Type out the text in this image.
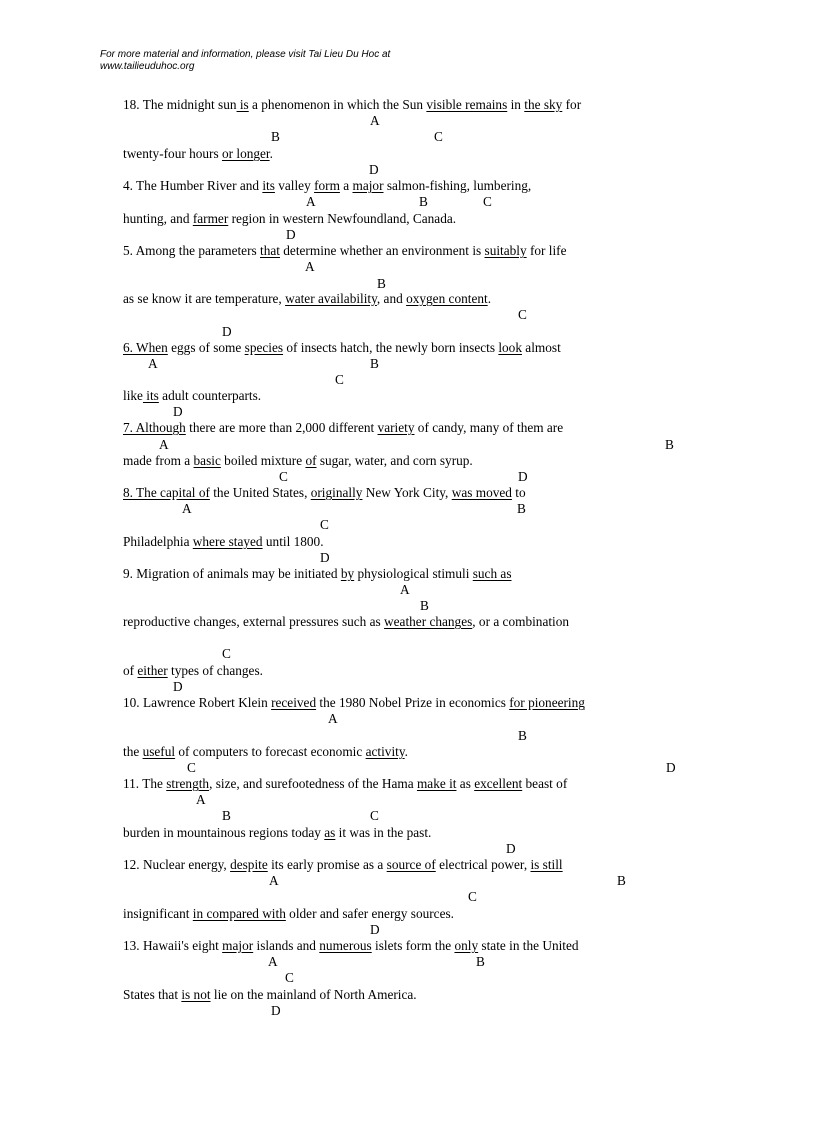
For more material and information, please visit Tai Lieu Du Hoc at
www.tailieuduhoc.org
18. The midnight sun is a phenomenon in which the Sun visible remains in the sky for
twenty-four hours or longer.
A
B	C
D
4. The Humber River and its valley form a major salmon-fishing, lumbering,
hunting, and farmer region in western Newfoundland, Canada.
A	B	C
D
5. Among the parameters that determine whether an environment is suitably for life
as se know it are temperature, water availability, and oxygen content.
A
B
C
D
6. When eggs of some species of insects hatch, the newly born insects look almost
like its adult counterparts.
A	B
C
D
7. Although there are more than 2,000 different variety of candy, many of them are
made from a basic boiled mixture of sugar, water, and corn syrup.
A	B
C	D
8. The capital of the United States, originally New York City, was moved to
Philadelphia where stayed until 1800.
A	B
C
D
9. Migration of animals may be initiated by physiological stimuli such as
reproductive changes, external pressures such as weather changes, or a combination
of either types of changes.
A
B
C
D
10. Lawrence Robert Klein received the 1980 Nobel Prize in economics for pioneering
the useful of computers to forecast economic activity.
A
B
C	D
11. The strength, size, and surefootedness of the Hama make it as excellent beast of
burden in mountainous regions today as it was in the past.
A
B	C
D
12. Nuclear energy, despite its early promise as a source of electrical power, is still
insignificant in compared with older and safer energy sources.
A	B
C
D
13. Hawaii's eight major islands and numerous islets form the only state in the United
States that is not lie on the mainland of North America.
A	B
C
D
